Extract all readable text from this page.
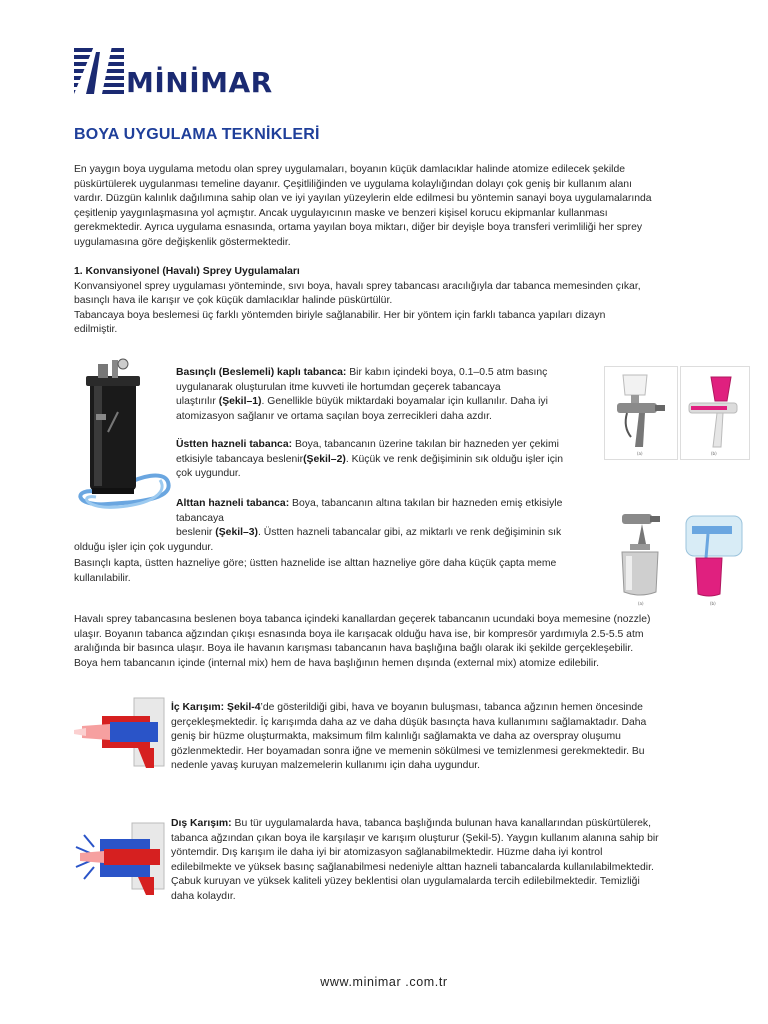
MİNİMAR
BOYA UYGULAMA TEKNİKLERİ
En yaygın boya uygulama metodu olan sprey uygulamaları, boyanın küçük damlacıklar halinde atomize edilecek şekilde
püskürtülerek uygulanması temeline dayanır. Çeşitliliğinden ve uygulama kolaylığından dolayı çok geniş bir kullanım alanı
vardır. Düzgün kalınlık dağılımına sahip olan ve iyi yayılan yüzeylerin elde edilmesi bu yöntemin sanayi boya uygulamalarında
çeşitlenip yaygınlaşmasına yol açmıştır. Ancak uygulayıcının maske ve benzeri kişisel korucu ekipmanlar kullanması
gerekmektedir. Ayrıca uygulama esnasında, ortama yayılan boya miktarı, diğer bir deyişle boya transferi verimliliği her sprey
uygulamasına göre değişkenlik göstermektedir.
1. Konvansiyonel (Havalı) Sprey Uygulamaları
Konvansiyonel sprey uygulaması yönteminde, sıvı boya, havalı sprey tabancası aracılığıyla dar tabanca memesinden çıkar,
basınçlı hava ile karışır ve çok küçük damlacıklar halinde püskürtülür.
Tabancaya boya beslemesi üç farklı yöntemden biriyle sağlanabilir. Her bir yöntem için farklı tabanca yapıları dizayn
edilmiştir.
Basınçlı (Beslemeli) kaplı tabanca: Bir kabın içindeki boya, 0.1–0.5 atm basınç
uygulanarak oluşturulan itme kuvveti ile hortumdan geçerek tabancaya
ulaştırılır (Şekil–1). Genellikle büyük miktardaki boyamalar için kullanılır. Daha iyi
atomizasyon sağlanır ve ortama saçılan boya zerrecikleri daha azdır.
Üstten hazneli tabanca: Boya, tabancanın üzerine takılan bir hazneden yer çekimi
etkisiyle tabancaya beslenir(Şekil–2). Küçük ve renk değişiminin sık olduğu işler için
çok uygundur.
(a)	(b)
Alttan hazneli tabanca: Boya, tabancanın altına takılan bir hazneden emiş etkisiyle tabancaya
beslenir (Şekil–3). Üstten hazneli tabancalar gibi, az miktarlı ve renk değişiminin sık
olduğu işler için çok uygundur.
(a)	(b)
Basınçlı kapta, üstten hazneliye göre; üstten haznelide ise alttan hazneliye göre daha küçük çapta meme
kullanılabilir.
Havalı sprey tabancasına beslenen boya tabanca içindeki kanallardan geçerek tabancanın ucundaki boya memesine (nozzle)
ulaşır. Boyanın tabanca ağzından çıkışı esnasında boya ile karışacak olduğu hava ise, bir kompresör yardımıyla 2.5-5.5 atm
aralığında bir basınca ulaşır. Boya ile havanın karışması tabancanın hava başlığına bağlı olarak iki şekilde gerçekleşebilir.
Boya hem tabancanın içinde (internal mix) hem de hava başlığının hemen dışında (external mix) atomize edilebilir.
İç Karışım: Şekil-4’de gösterildiği gibi, hava ve boyanın buluşması, tabanca ağzının hemen öncesinde
gerçekleşmektedir. İç karışımda daha az ve daha düşük basınçta hava kullanımını sağlamaktadır. Daha
geniş bir hüzme oluşturmakta, maksimum film kalınlığı sağlamakta ve daha az overspray oluşumu
gözlenmektedir. Her boyamadan sonra iğne ve memenin sökülmesi ve temizlenmesi gerekmektedir. Bu
nedenle yavaş kuruyan malzemelerin kullanımı için daha uygundur.
Dış Karışım: Bu tür uygulamalarda hava, tabanca başlığında bulunan hava kanallarından püskürtülerek,
tabanca ağzından çıkan boya ile karşılaşır ve karışım oluşturur (Şekil-5). Yaygın kullanım alanına sahip bir
yöntemdir. Dış karışım ile daha iyi bir atomizasyon sağlanabilmektedir. Hüzme daha iyi kontrol
edilebilmekte ve yüksek basınç sağlanabilmesi nedeniyle alttan hazneli tabancalarda kullanılabilmektedir.
Çabuk kuruyan ve yüksek kaliteli yüzey beklentisi olan uygulamalarda tercih edilebilmektedir. Temizliği
daha kolaydır.
www.minimar .com.tr
